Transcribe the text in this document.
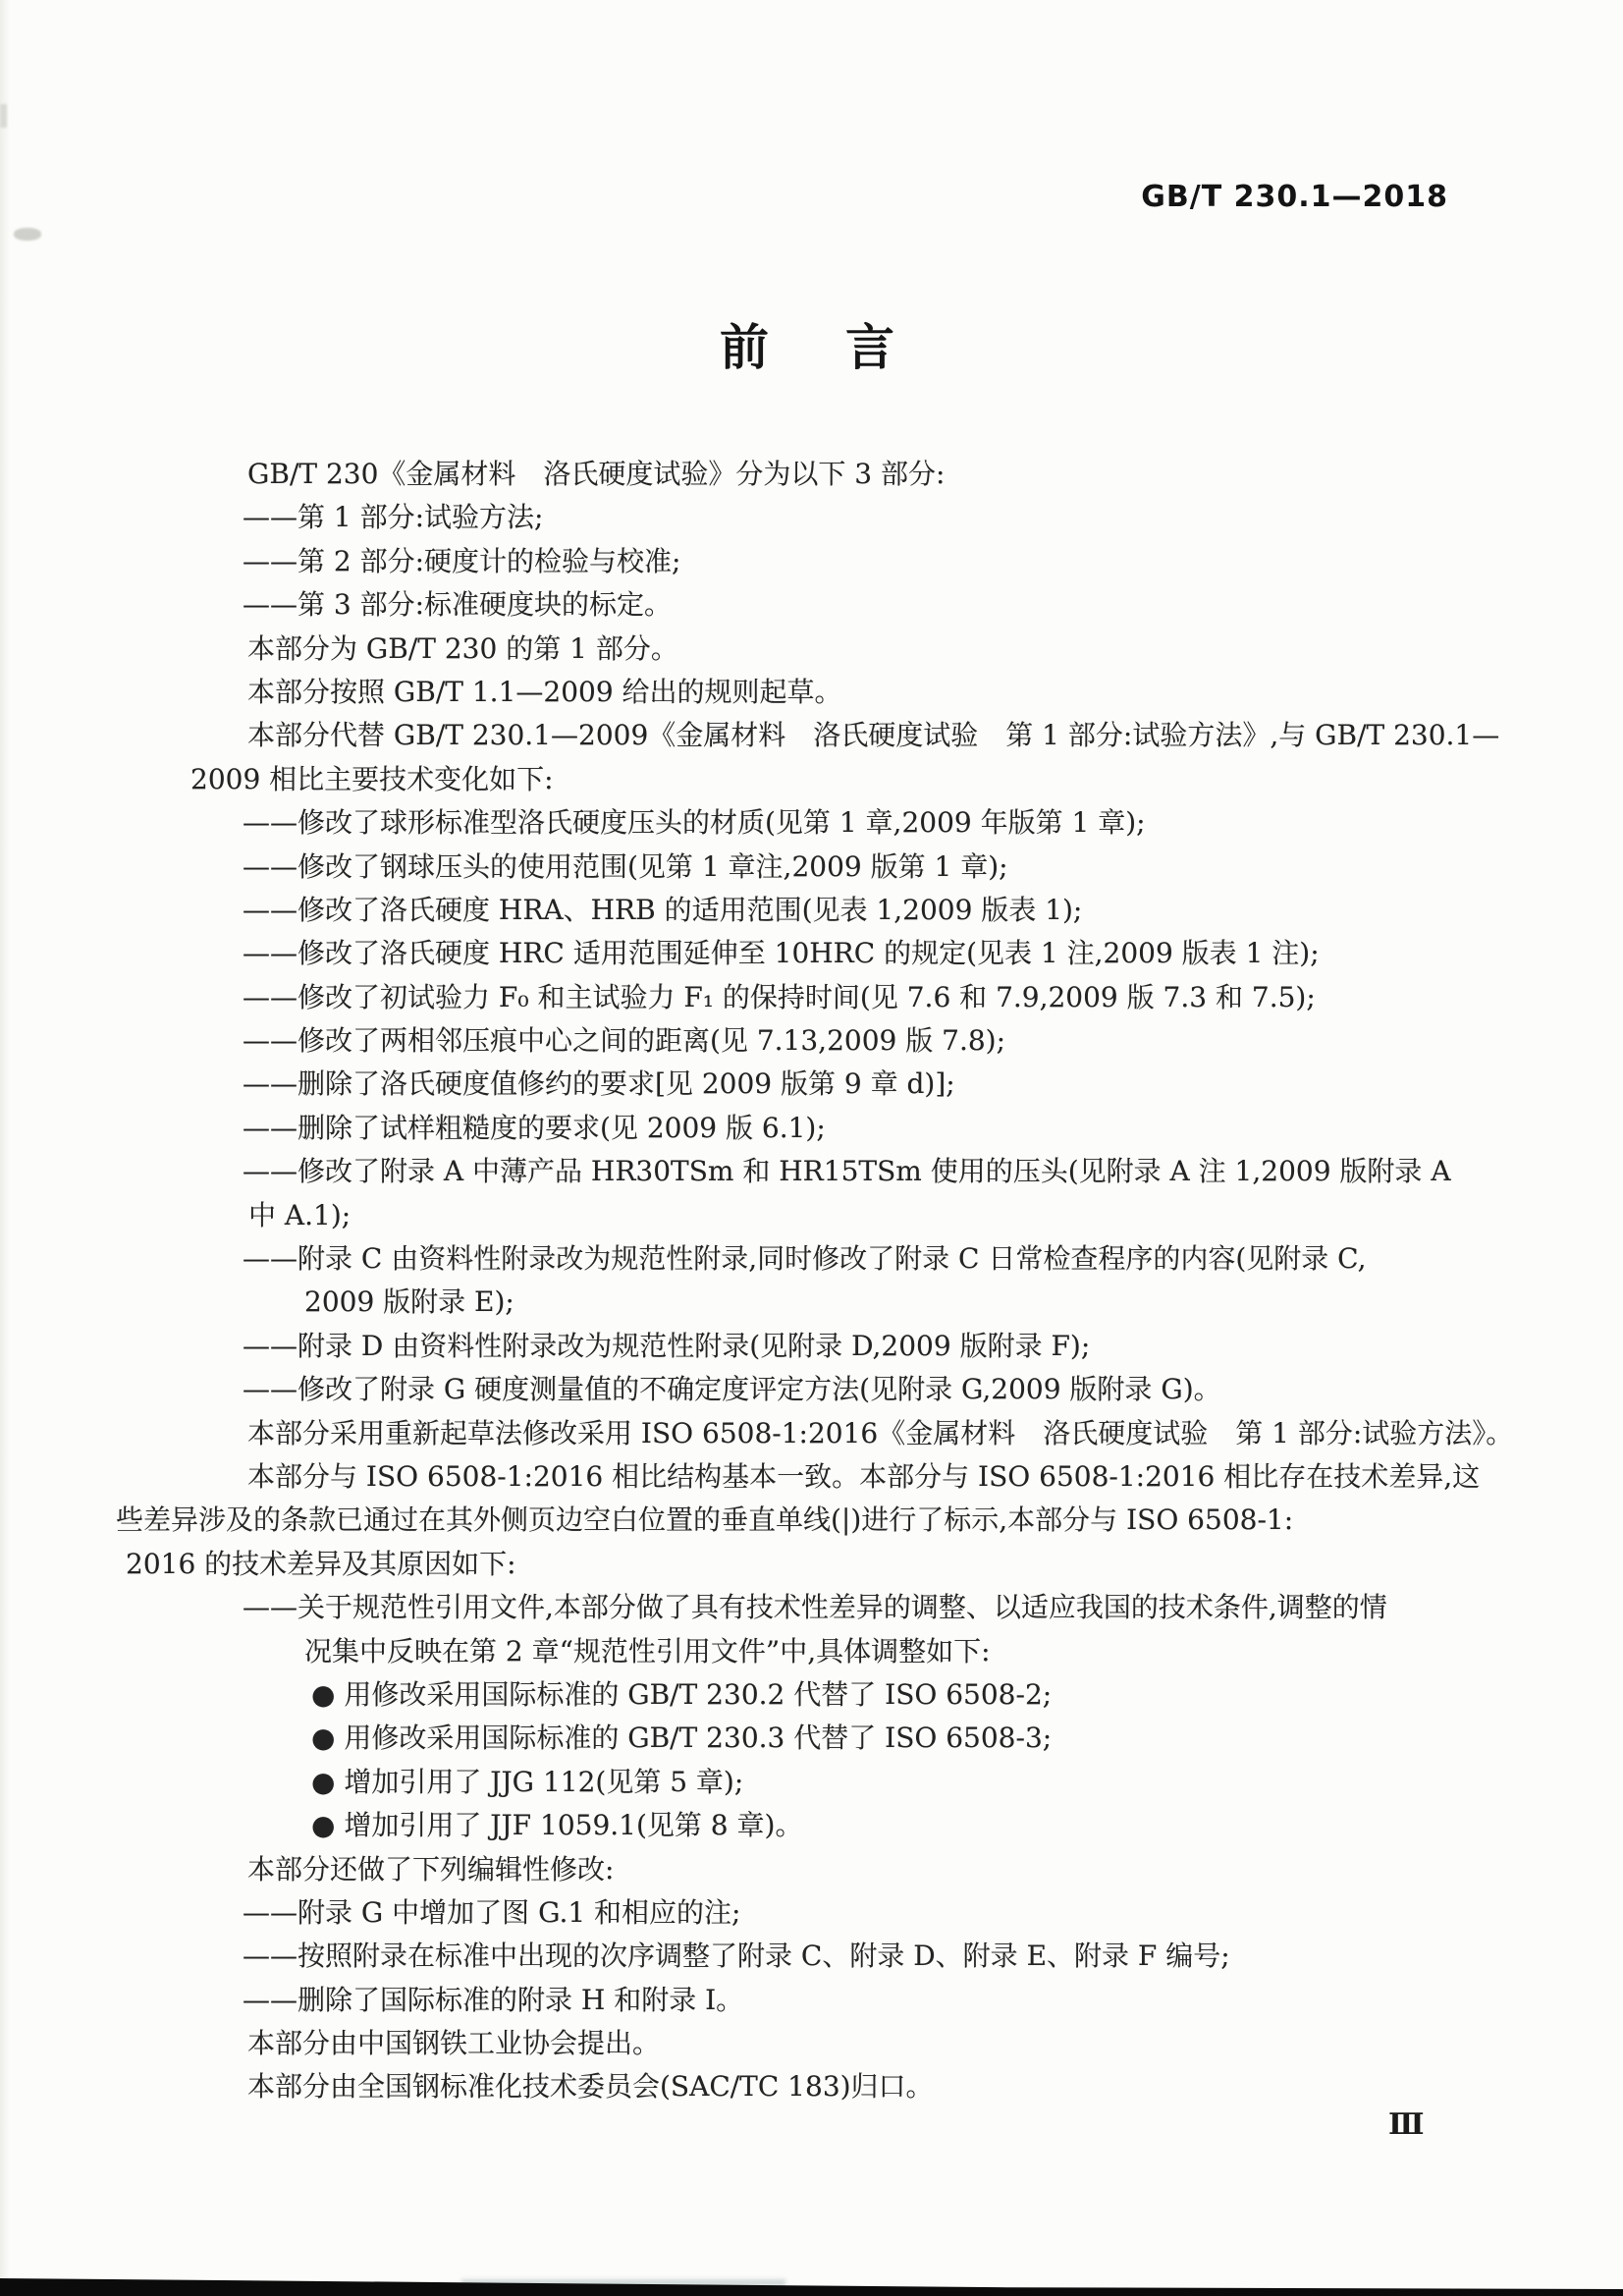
GB/T 230.1—2018
前　言
GB/T 230《金属材料　洛氏硬度试验》分为以下 3 部分:
——第 1 部分:试验方法;
——第 2 部分:硬度计的检验与校准;
——第 3 部分:标准硬度块的标定。
本部分为 GB/T 230 的第 1 部分。
本部分按照 GB/T 1.1—2009 给出的规则起草。
本部分代替 GB/T 230.1—2009《金属材料　洛氏硬度试验　第 1 部分:试验方法》,与 GB/T 230.1—
2009 相比主要技术变化如下:
——修改了球形标准型洛氏硬度压头的材质(见第 1 章,2009 年版第 1 章);
——修改了钢球压头的使用范围(见第 1 章注,2009 版第 1 章);
——修改了洛氏硬度 HRA、HRB 的适用范围(见表 1,2009 版表 1);
——修改了洛氏硬度 HRC 适用范围延伸至 10HRC 的规定(见表 1 注,2009 版表 1 注);
——修改了初试验力 F₀ 和主试验力 F₁ 的保持时间(见 7.6 和 7.9,2009 版 7.3 和 7.5);
——修改了两相邻压痕中心之间的距离(见 7.13,2009 版 7.8);
——删除了洛氏硬度值修约的要求[见 2009 版第 9 章 d)];
——删除了试样粗糙度的要求(见 2009 版 6.1);
——修改了附录 A 中薄产品 HR30TSm 和 HR15TSm 使用的压头(见附录 A 注 1,2009 版附录 A
中 A.1);
——附录 C 由资料性附录改为规范性附录,同时修改了附录 C 日常检查程序的内容(见附录 C,
2009 版附录 E);
——附录 D 由资料性附录改为规范性附录(见附录 D,2009 版附录 F);
——修改了附录 G 硬度测量值的不确定度评定方法(见附录 G,2009 版附录 G)。
本部分采用重新起草法修改采用 ISO 6508-1:2016《金属材料　洛氏硬度试验　第 1 部分:试验方法》。
本部分与 ISO 6508-1:2016 相比结构基本一致。本部分与 ISO 6508-1:2016 相比存在技术差异,这
些差异涉及的条款已通过在其外侧页边空白位置的垂直单线(|)进行了标示,本部分与 ISO 6508-1:
2016 的技术差异及其原因如下:
——关于规范性引用文件,本部分做了具有技术性差异的调整、以适应我国的技术条件,调整的情
况集中反映在第 2 章“规范性引用文件”中,具体调整如下:
● 用修改采用国际标准的 GB/T 230.2 代替了 ISO 6508-2;
● 用修改采用国际标准的 GB/T 230.3 代替了 ISO 6508-3;
● 增加引用了 JJG 112(见第 5 章);
● 增加引用了 JJF 1059.1(见第 8 章)。
本部分还做了下列编辑性修改:
——附录 G 中增加了图 G.1 和相应的注;
——按照附录在标准中出现的次序调整了附录 C、附录 D、附录 E、附录 F 编号;
——删除了国际标准的附录 H 和附录 I。
本部分由中国钢铁工业协会提出。
本部分由全国钢标准化技术委员会(SAC/TC 183)归口。
Ⅲ
